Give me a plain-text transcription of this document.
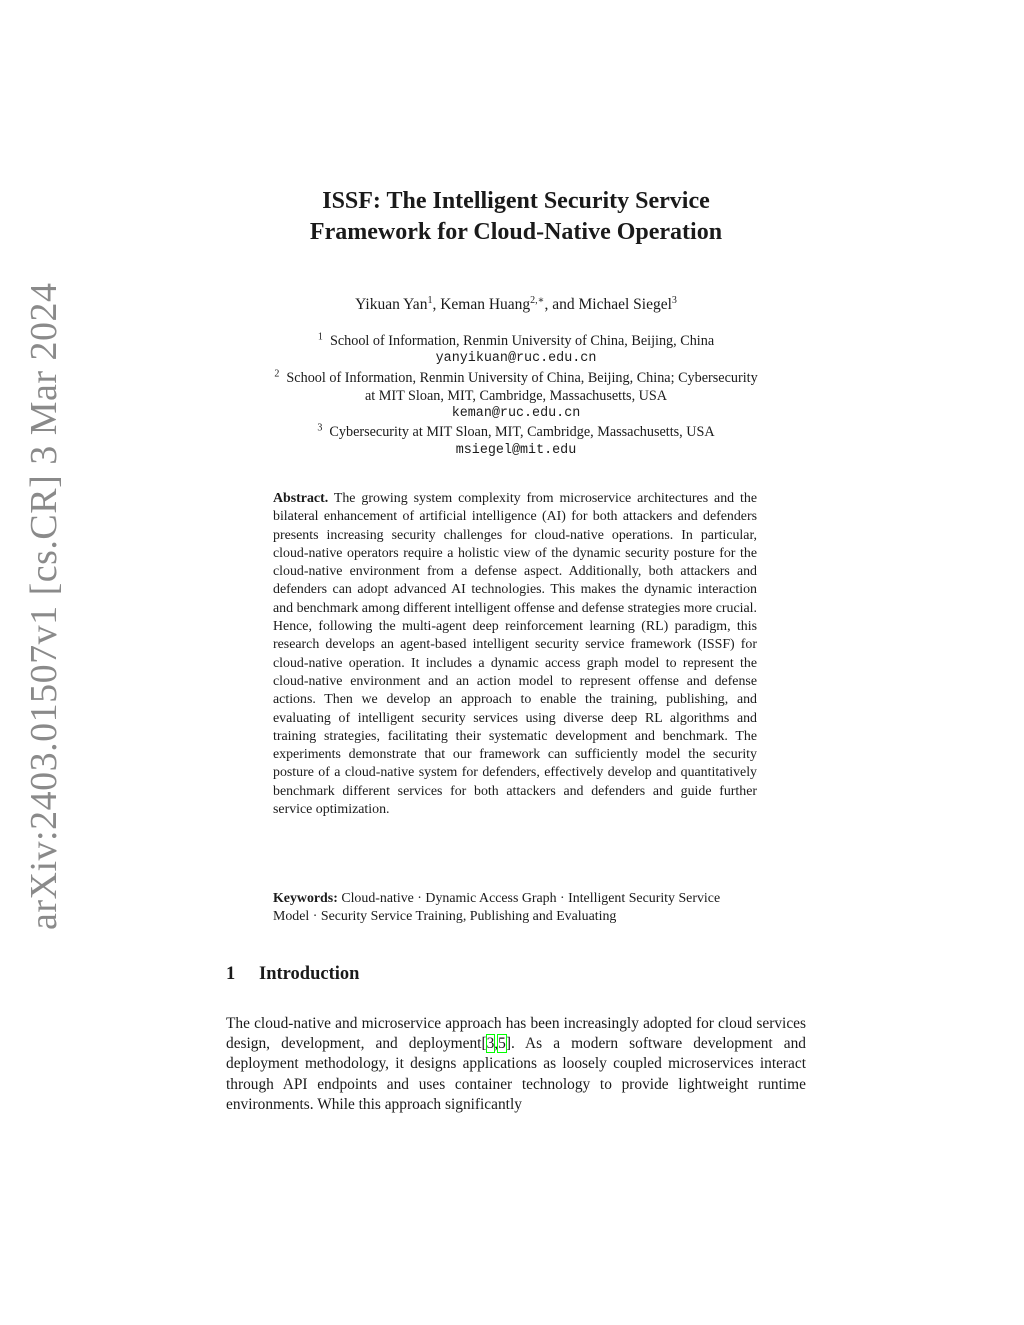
arXiv:2403.01507v1 [cs.CR] 3 Mar 2024
ISSF: The Intelligent Security Service
Framework for Cloud-Native Operation
Yikuan Yan$^1$, Keman Huang$^{2,∗}$, and Michael Siegel$^3$
$^1$ School of Information, Renmin University of China, Beijing, China
yanyikuan@ruc.edu.cn
$^2$ School of Information, Renmin University of China, Beijing, China; Cybersecurity
at MIT Sloan, MIT, Cambridge, Massachusetts, USA
keman@ruc.edu.cn
$^3$ Cybersecurity at MIT Sloan, MIT, Cambridge, Massachusetts, USA
msiegel@mit.edu
Abstract. The growing system complexity from microservice architectures and the bilateral enhancement of artificial intelligence (AI) for both attackers and defenders presents increasing security challenges for cloud-native operations. In particular, cloud-native operators require a holistic view of the dynamic security posture for the cloud-native environment from a defense aspect. Additionally, both attackers and defenders can adopt advanced AI technologies. This makes the dynamic interaction and benchmark among different intelligent offense and defense strategies more crucial. Hence, following the multi-agent deep reinforcement learning (RL) paradigm, this research develops an agent-based intelligent security service framework (ISSF) for cloud-native operation. It includes a dynamic access graph model to represent the cloud-native environment and an action model to represent offense and defense actions. Then we develop an approach to enable the training, publishing, and evaluating of intelligent security services using diverse deep RL algorithms and training strategies, facilitating their systematic development and benchmark. The experiments demonstrate that our framework can sufficiently model the security posture of a cloud-native system for defenders, effectively develop and quantitatively benchmark different services for both attackers and defenders and guide further service optimization.
Keywords: Cloud-native · Dynamic Access Graph · Intelligent Security Service Model · Security Service Training, Publishing and Evaluating
1 Introduction

The cloud-native and microservice approach has been increasingly adopted for cloud services design, development, and deployment[3,5]. As a modern software development and deployment methodology, it designs applications as loosely coupled microservices interact through API endpoints and uses container technology to provide lightweight runtime environments. While this approach significantly
